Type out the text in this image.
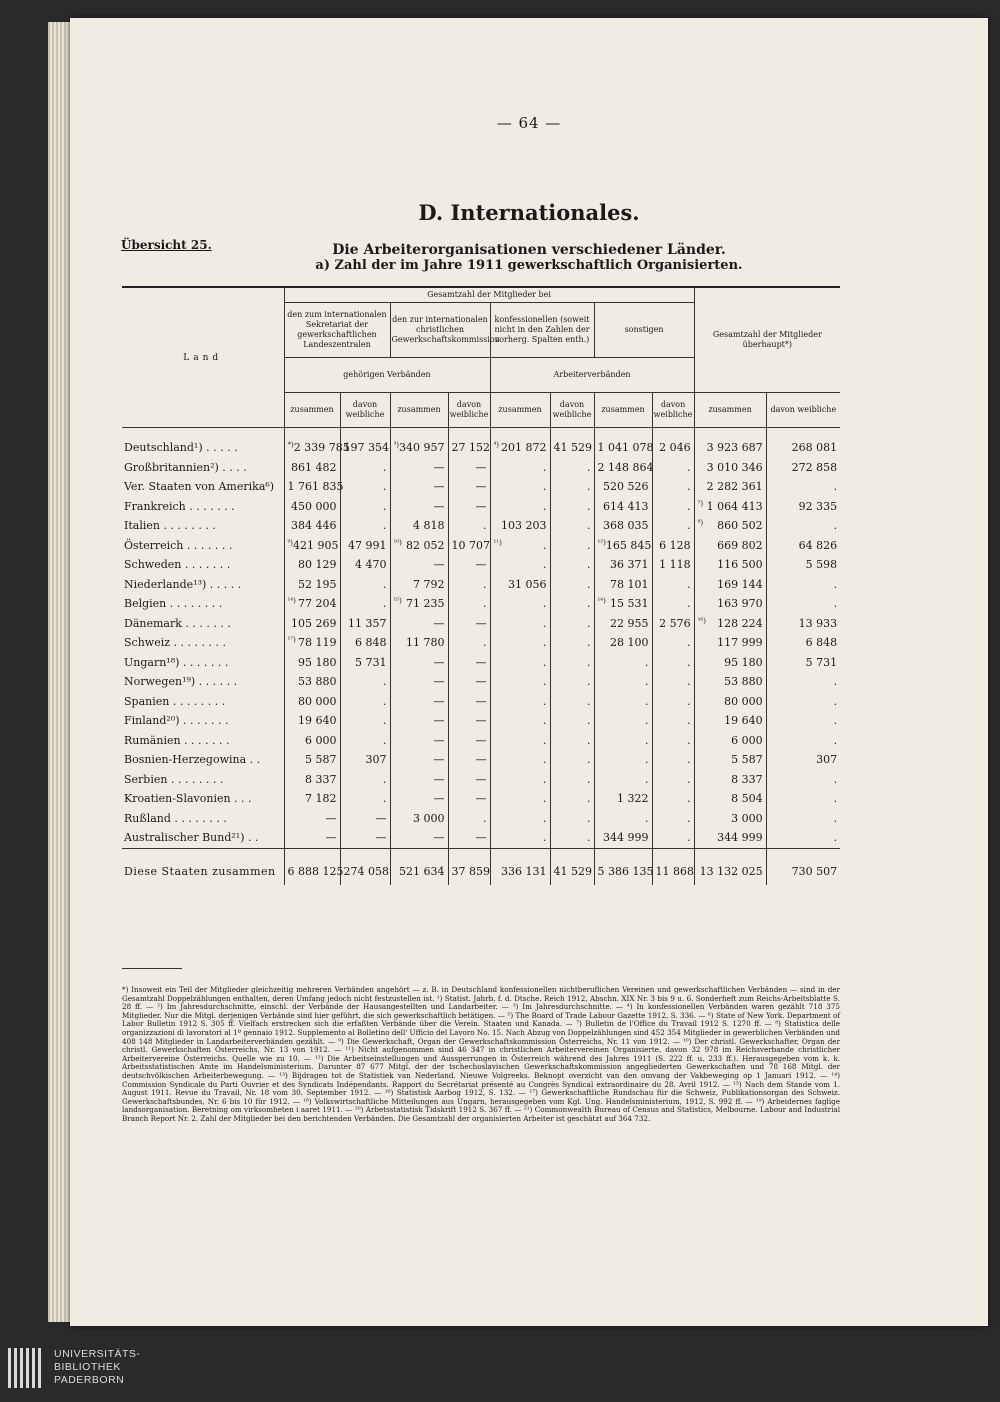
— 64 —
D. Internationales.
Die Arbeiterorganisationen verschiedener Länder.
Übersicht 25.
a) Zahl der im Jahre 1911 gewerkschaftlich Organisierten.
Land	Gesamtzahl der Mitglieder bei								Gesamtzahl der Mitglieder überhaupt*)	
	den zum internationalen Sekretariat der gewerkschaftlichen Landeszentralen		den zur internationalen christlichen Gewerkschaftskommission		konfessionellen (soweit nicht in den Zahlen der vorherg. Spalten enth.)		sonstigen			
	gehörigen Verbänden				Arbeiterverbänden					
	zusammen	davon weibliche	zusammen	davon weibliche	zusammen	davon weibliche	zusammen	davon weibliche	zusammen	davon weibliche
Deutschland¹) . . . . .	*) 2 339 785	197 354	³) 340 957	27 152	⁴) 201 872	41 529	1 041 078	2 046	3 923 687	268 081
Großbritannien²) . . . .	861 482	.	—	—	.	.	2 148 864	.	3 010 346	272 858
Ver. Staaten von Amerika⁶)	1 761 835	.	—	—	.	.	520 526	.	2 282 361	.
Frankreich . . . . . . .	450 000	.	—	—	.	.	614 413	.	⁷) 1 064 413	92 335
Italien . . . . . . . .	384 446	.	4 818	.	103 203	.	368 035	.	⁸) 860 502	.
Österreich . . . . . . .	⁹) 421 905	47 991	¹⁰) 82 052	10 707	¹¹) .	.	¹²) 165 845	6 128	669 802	64 826
Schweden . . . . . . .	80 129	4 470	—	—	.	.	36 371	1 118	116 500	5 598
Niederlande¹³) . . . . .	52 195	.	7 792	.	31 056	.	78 101	.	169 144	.
Belgien . . . . . . . .	¹⁴) 77 204	.	¹⁵) 71 235	.	.	.	¹⁴) 15 531	.	163 970	.
Dänemark . . . . . . .	105 269	11 357	—	—	.	.	22 955	2 576	¹⁶) 128 224	13 933
Schweiz . . . . . . . .	¹⁷) 78 119	6 848	11 780	.	.	.	28 100	.	117 999	6 848
Ungarn¹⁸) . . . . . . .	95 180	5 731	—	—	.	.	.	.	95 180	5 731
Norwegen¹⁹) . . . . . .	53 880	.	—	—	.	.	.	.	53 880	.
Spanien . . . . . . . .	80 000	.	—	—	.	.	.	.	80 000	.
Finland²⁰) . . . . . . .	19 640	.	—	—	.	.	.	.	19 640	.
Rumänien . . . . . . .	6 000	.	—	—	.	.	.	.	6 000	.
Bosnien-Herzegowina . .	5 587	307	—	—	.	.	.	.	5 587	307
Serbien . . . . . . . .	8 337	.	—	—	.	.	.	.	8 337	.
Kroatien-Slavonien . . .	7 182	.	—	—	.	.	1 322	.	8 504	.
Rußland . . . . . . . .	—	—	3 000	.	.	.	.	.	3 000	.
Australischer Bund²¹) . .	—	—	—	—	.	.	344 999	.	344 999	.
Diese Staaten zusammen	6 888 125	274 058	521 634	37 859	336 131	41 529	5 386 135	11 868	13 132 025	730 507
*) Insoweit ein Teil der Mitglieder gleichzeitig mehreren Verbänden angehört — z. B. in Deutschland konfessionellen nichtberuflichen Vereinen und gewerkschaftlichen Verbänden — sind in der Gesamtzahl Doppelzählungen enthalten, deren Umfang jedoch nicht festzustellen ist. ¹) Statist. Jahrb. f. d. Dtsche. Reich 1912, Abschn. XIX Nr. 3 bis 9 u. 6. Sonderheft zum Reichs-Arbeitsblatte S. 28 ff. — ²) Im Jahresdurchschnitte, einschl. der Verbände der Hausangestellten und Landarbeiter. — ³) Im Jahresdurchschnitte. — ⁴) In konfessionellen Verbänden waren gezählt 718 375 Mitglieder. Nur die Mitgl. derjenigen Verbände sind hier geführt, die sich gewerkschaftlich betätigen. — ⁵) The Board of Trade Labour Gazette 1912, S. 336. — ⁶) State of New York. Department of Labor Bulletin 1912 S. 305 ff. Vielfach erstrecken sich die erfaßten Verbände über die Verein. Staaten und Kanada. — ⁷) Bulletin de l'Office du Travail 1912 S. 1270 ff. — ⁸) Statistica delle organizzazioni di lavoratori al 1º gennaio 1912. Supplemento al Bolletino dell' Ufficio del Lavoro No. 15. Nach Abzug von Doppelzählungen sind 452 354 Mitglieder in gewerblichen Verbänden und 408 148 Mitglieder in Landarbeiterverbänden gezählt. — ⁹) Die Gewerkschaft, Organ der Gewerkschaftskommission Österreichs, Nr. 11 von 1912. — ¹⁰) Der christl. Gewerkschafter, Organ der christl. Gewerkschaften Österreichs, Nr. 13 von 1912. — ¹¹) Nicht aufgenommen sind 46 347 in christlichen Arbeitervereinen Organisierte, davon 32 978 im Reichsverbande christlicher Arbeitervereine Österreichs. Quelle wie zu 10. — ¹²) Die Arbeitseinstellungen und Aussperrungen in Österreich während des Jahres 1911 (S. 222 ff. u. 233 ff.). Herausgegeben vom k. k. Arbeitsstatistischen Amte im Handelsministerium. Darunter 87 677 Mitgl. der der tschechoslavischen Gewerkschaftskommission angegliederten Gewerkschaften und 78 168 Mitgl. der deutschvölkischen Arbeiterbewegung. — ¹³) Bijdragen tot de Statistiek van Nederland. Nieuwe Volgreeks. Beknopt overzicht van den omvang der Vakbeweging op 1 Januari 1912. — ¹⁴) Commission Syndicale du Parti Ouvrier et des Syndicats Indépendants. Rapport du Secrétariat présenté au Congrès Syndical extraordinaire du 28. Avril 1912. — ¹⁵) Nach dem Stande vom 1. August 1911. Revue du Travail, Nr. 18 vom 30. September 1912. — ¹⁶) Statistisk Aarbog 1912, S. 132. — ¹⁷) Gewerkschaftliche Rundschau für die Schweiz, Publikationsorgan des Schweiz. Gewerkschaftsbundes, Nr. 6 bis 10 für 1912. — ¹⁸) Volkswirtschaftliche Mitteilungen aus Ungarn, herausgegeben vom Kgl. Ung. Handelsministerium, 1912, S. 992 ff. — ¹⁹) Arbeidernes faglige landsorganisation. Beretning om virksomheten i aaret 1911. — ²⁰) Arbetsstatistisk Tidskrift 1912 S. 367 ff. — ²¹) Commonwealth Bureau of Census and Statistics, Melbourne. Labour and Industrial Branch Report Nr. 2. Zahl der Mitglieder bei den berichtenden Verbänden. Die Gesamtzahl der organisierten Arbeiter ist geschätzt auf 364 732.
UNIVERSITÄTS-
BIBLIOTHEK
PADERBORN
